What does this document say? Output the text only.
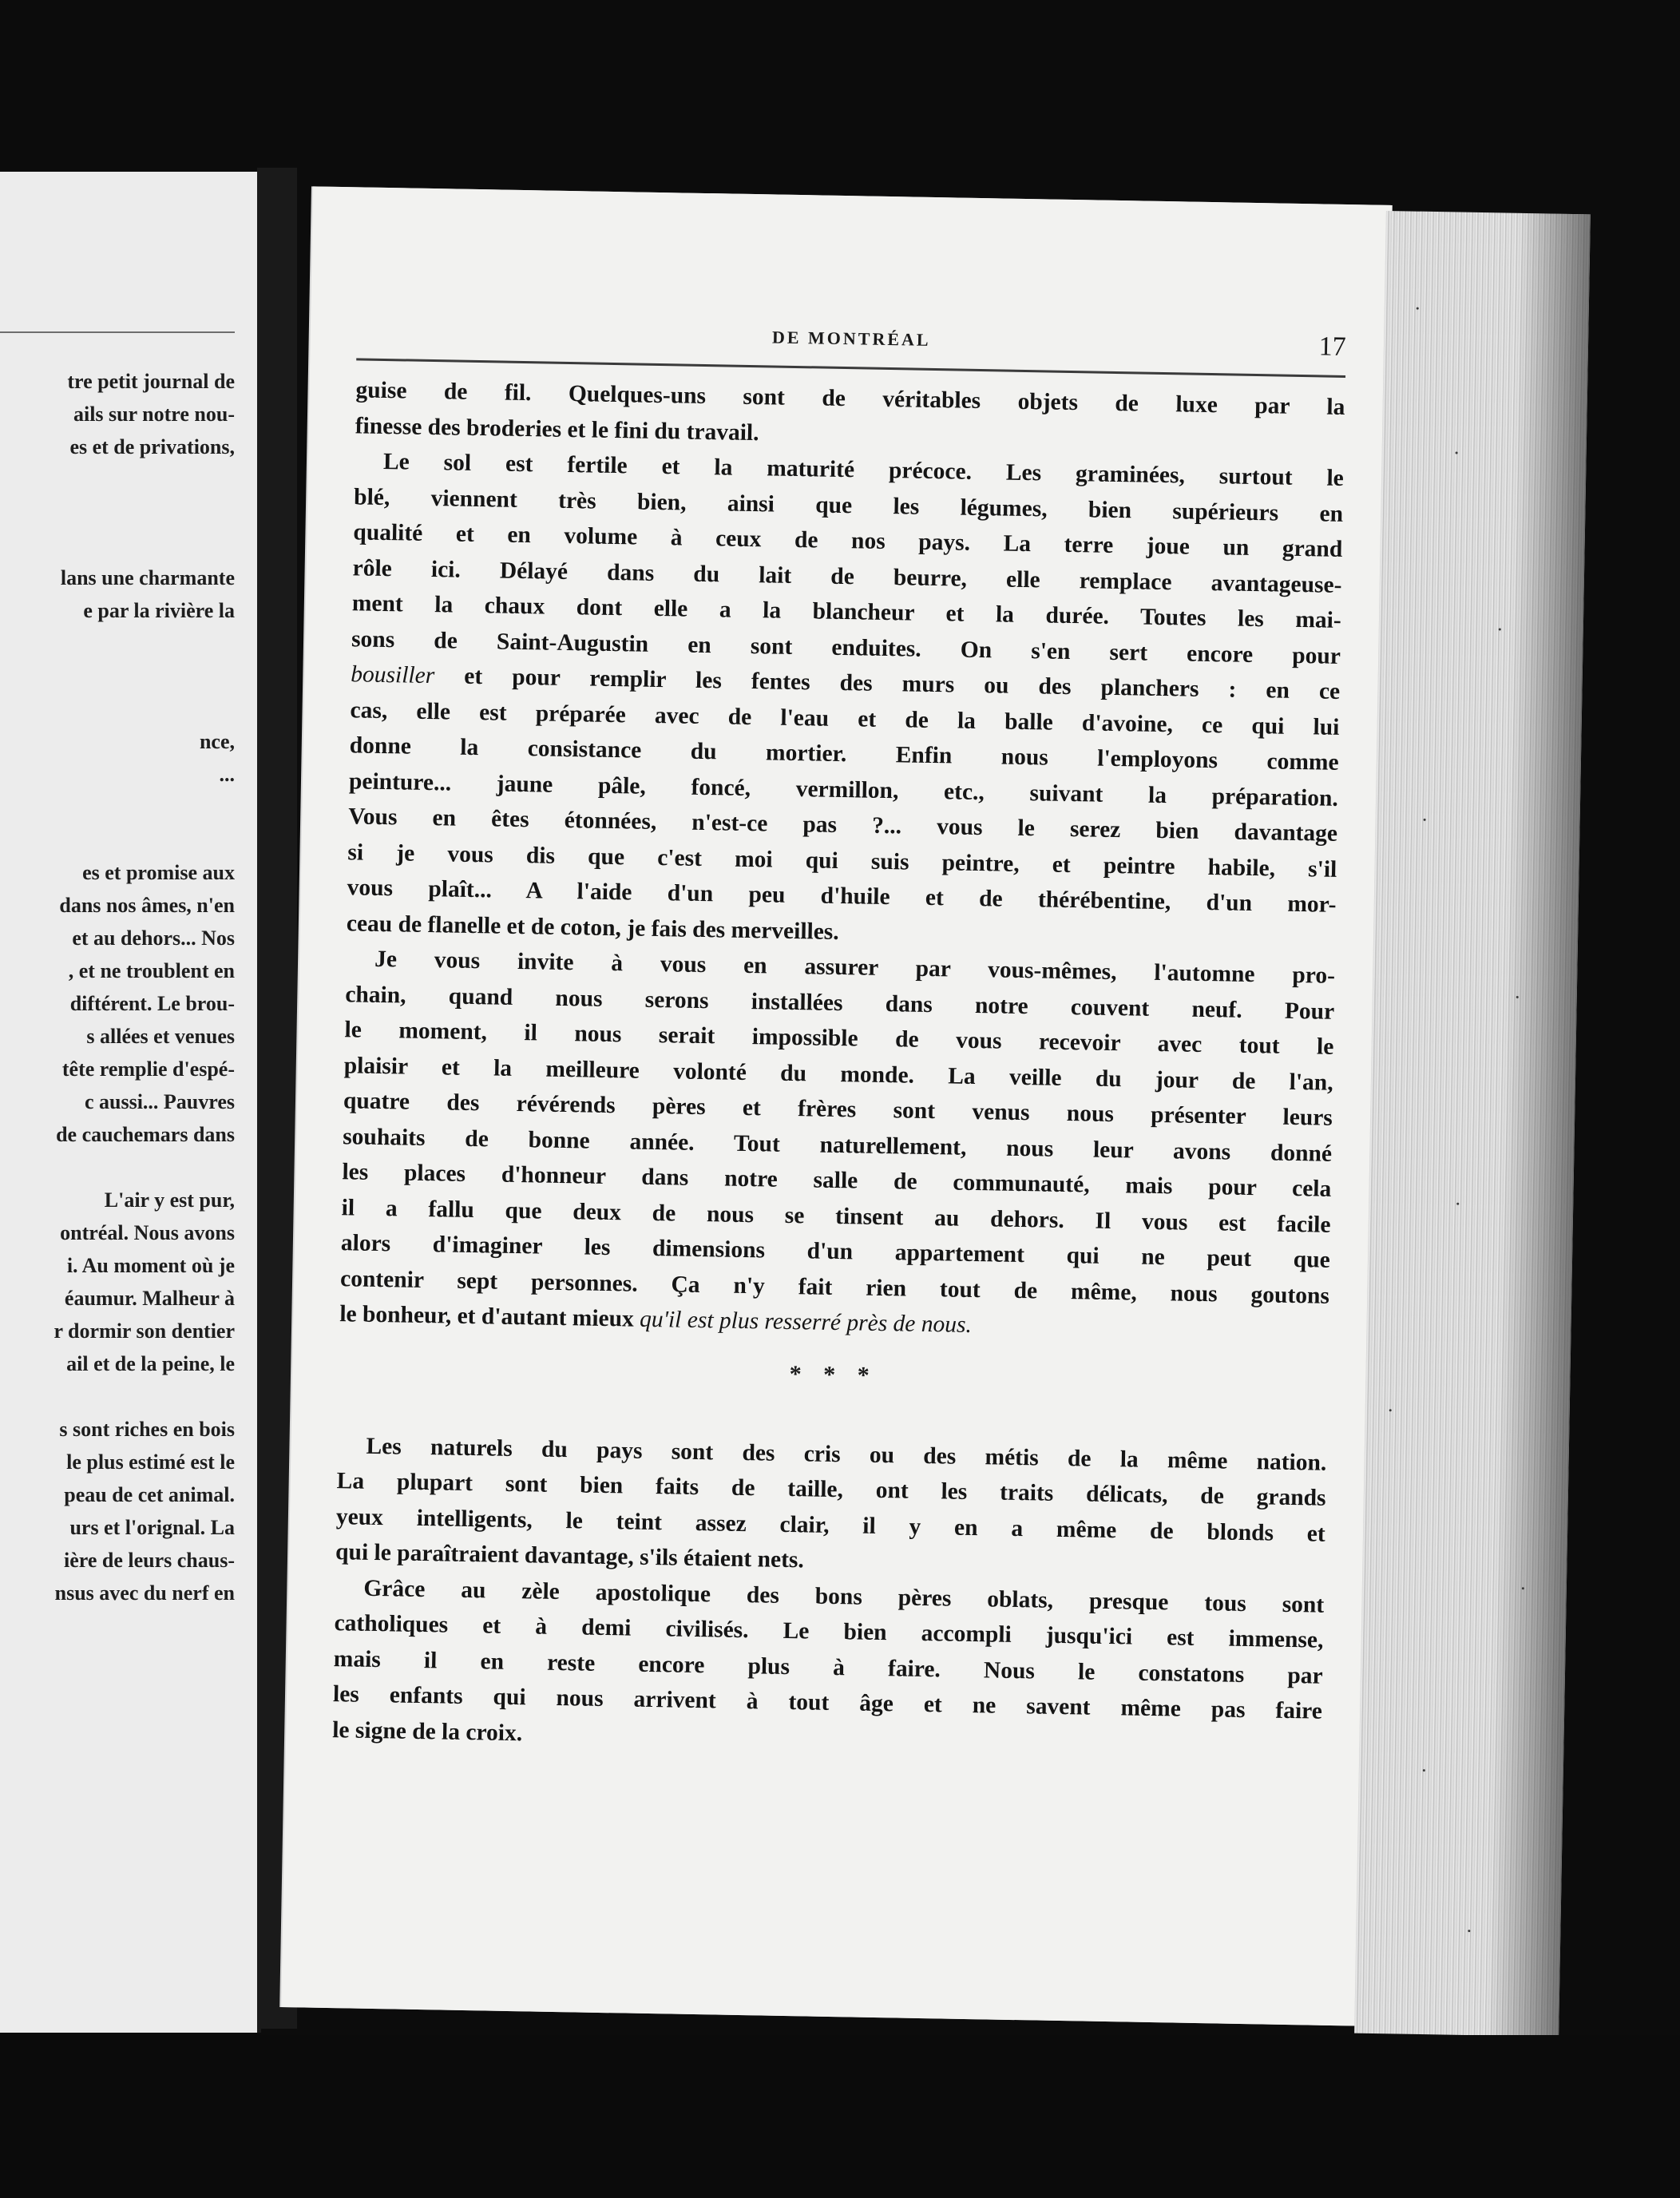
tre petit journal de
ails sur notre nou-
es et de privations,
lans une charmante
e par la rivière la
nce,
...
es et promise aux
dans nos âmes, n'en
et au dehors... Nos
, et ne troublent en
diftérent. Le brou-
s allées et venues
tête remplie d'espé-
c aussi... Pauvres
de cauchemars dans
L'air y est pur,
ontréal. Nous avons
i. Au moment où je
éaumur. Malheur à
r dormir son dentier
ail et de la peine, le
s sont riches en bois
le plus estimé est le
peau de cet animal.
urs et l'orignal. La
ière de leurs chaus-
nsus avec du nerf en
DE MONTRÉAL	17
guise de fil. Quelques-uns sont de véritables objets de luxe par la
finesse des broderies et le fini du travail.
Le sol est fertile et la maturité précoce. Les graminées, surtout le
blé, viennent très bien, ainsi que les légumes, bien supérieurs en
qualité et en volume à ceux de nos pays. La terre joue un grand
rôle ici. Délayé dans du lait de beurre, elle remplace avantageuse-
ment la chaux dont elle a la blancheur et la durée. Toutes les mai-
sons de Saint-Augustin en sont enduites. On s'en sert encore pour
bousiller et pour remplir les fentes des murs ou des planchers : en ce
cas, elle est préparée avec de l'eau et de la balle d'avoine, ce qui lui
donne la consistance du mortier. Enfin nous l'employons comme
peinture... jaune pâle, foncé, vermillon, etc., suivant la préparation.
Vous en êtes étonnées, n'est-ce pas ?... vous le serez bien davantage
si je vous dis que c'est moi qui suis peintre, et peintre habile, s'il
vous plaît... A l'aide d'un peu d'huile et de thérébentine, d'un mor-
ceau de flanelle et de coton, je fais des merveilles.
Je vous invite à vous en assurer par vous-mêmes, l'automne pro-
chain, quand nous serons installées dans notre couvent neuf. Pour
le moment, il nous serait impossible de vous recevoir avec tout le
plaisir et la meilleure volonté du monde. La veille du jour de l'an,
quatre des révérends pères et frères sont venus nous présenter leurs
souhaits de bonne année. Tout naturellement, nous leur avons donné
les places d'honneur dans notre salle de communauté, mais pour cela
il a fallu que deux de nous se tinsent au dehors. Il vous est facile
alors d'imaginer les dimensions d'un appartement qui ne peut que
contenir sept personnes. Ça n'y fait rien tout de même, nous goutons
le bonheur, et d'autant mieux qu'il est plus resserré près de nous.
* * *
Les naturels du pays sont des cris ou des métis de la même nation.
La plupart sont bien faits de taille, ont les traits délicats, de grands
yeux intelligents, le teint assez clair, il y en a même de blonds et
qui le paraîtraient davantage, s'ils étaient nets.
Grâce au zèle apostolique des bons pères oblats, presque tous sont
catholiques et à demi civilisés. Le bien accompli jusqu'ici est immense,
mais il en reste encore plus à faire. Nous le constatons par
les enfants qui nous arrivent à tout âge et ne savent même pas faire
le signe de la croix.
